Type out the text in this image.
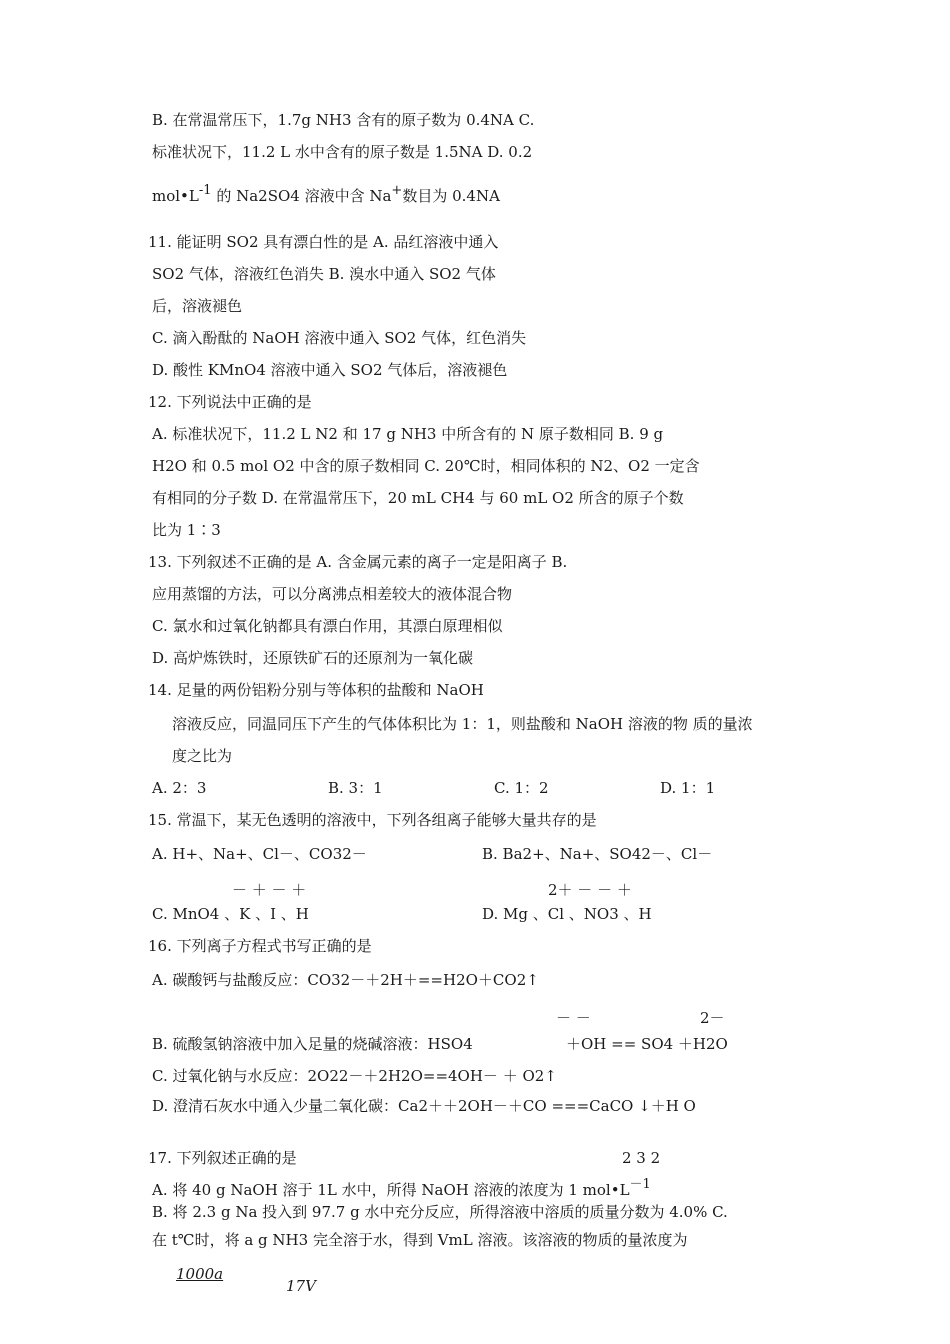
B. 在常温常压下，1.7g NH3 含有的原子数为 0.4NA C.
标准状况下，11.2 L 水中含有的原子数是 1.5NA D. 0.2
mol•L-1 的 Na2SO4 溶液中含 Na+数目为 0.4NA
11. 能证明 SO2 具有漂白性的是 A. 品红溶液中通入
SO2 气体，溶液红色消失 B. 溴水中通入 SO2 气体
后，溶液褪色
C. 滴入酚酞的 NaOH 溶液中通入 SO2 气体，红色消失
D. 酸性 KMnO4 溶液中通入 SO2 气体后，溶液褪色
12. 下列说法中正确的是
A. 标准状况下，11.2 L N2 和 17 g NH3 中所含有的 N 原子数相同 B. 9 g
H2O 和 0.5 mol O2 中含的原子数相同 C. 20℃时，相同体积的 N2、O2 一定含
有相同的分子数 D. 在常温常压下，20 mL CH4 与 60 mL O2 所含的原子个数
比为 1∶3
13. 下列叙述不正确的是 A. 含金属元素的离子一定是阳离子 B.
应用蒸馏的方法，可以分离沸点相差较大的液体混合物
C. 氯水和过氧化钠都具有漂白作用，其漂白原理相似
D. 高炉炼铁时，还原铁矿石的还原剂为一氧化碳
14. 足量的两份铝粉分别与等体积的盐酸和 NaOH
溶液反应，同温同压下产生的气体体积比为 1：1，则盐酸和 NaOH 溶液的物 质的量浓
度之比为
A. 2：3	B. 3：1	C. 1：2	D. 1：1
15. 常温下，某无色透明的溶液中，下列各组离子能够大量共存的是
A. H+、Na+、Cl－、CO32－	B. Ba2+、Na+、SO42－、Cl－
－ ＋ － ＋	2＋ － － ＋
C. MnO4 、K 、I 、H	D. Mg 、Cl 、NO3 、H
16. 下列离子方程式书写正确的是
A. 碳酸钙与盐酸反应：CO32－＋2H＋==H2O＋CO2↑
－ －	2－
B. 硫酸氢钠溶液中加入足量的烧碱溶液：HSO4	＋OH == SO4 ＋H2O
C. 过氧化钠与水反应：2O22－＋2H2O==4OH－ ＋ O2↑
D. 澄清石灰水中通入少量二氧化碳：Ca2＋＋2OH－＋CO ===CaCO ↓＋H O
17. 下列叙述正确的是	2 3 2
A. 将 40 g NaOH 溶于 1L 水中，所得 NaOH 溶液的浓度为 1 mol•L－1
B. 将 2.3 g Na 投入到 97.7 g 水中充分反应，所得溶液中溶质的质量分数为 4.0% C.
在 t℃时，将 a g NH3 完全溶于水，得到 VmL 溶液。该溶液的物质的量浓度为
1000a
17V
